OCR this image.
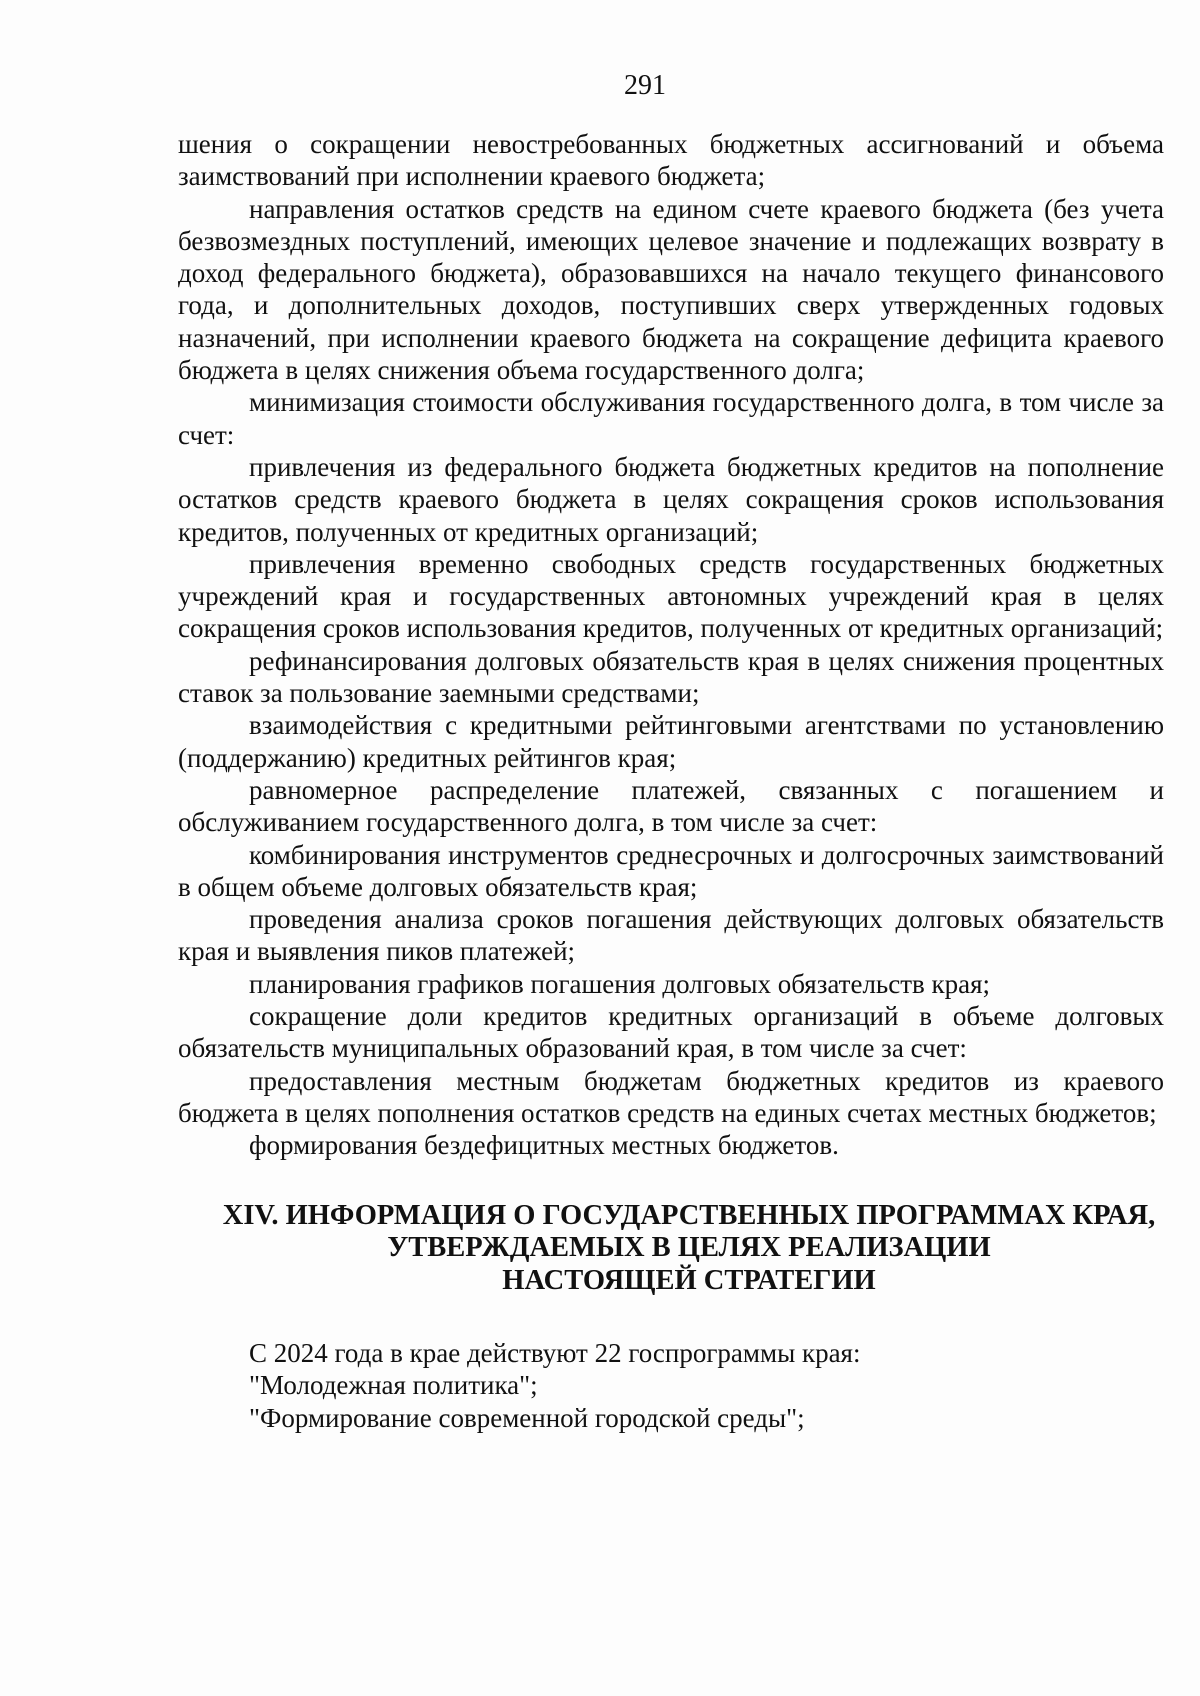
291

шения о сокращении невостребованных бюджетных ассигнований и объема заимствований при исполнении краевого бюджета;

направления остатков средств на едином счете краевого бюджета (без учета безвозмездных поступлений, имеющих целевое значение и подлежащих возврату в доход федерального бюджета), образовавшихся на начало текущего финансового года, и дополнительных доходов, поступивших сверх утвержденных годовых назначений, при исполнении краевого бюджета на сокращение дефицита краевого бюджета в целях снижения объема государственного долга;

минимизация стоимости обслуживания государственного долга, в том числе за счет:

привлечения из федерального бюджета бюджетных кредитов на пополнение остатков средств краевого бюджета в целях сокращения сроков использования кредитов, полученных от кредитных организаций;

привлечения временно свободных средств государственных бюджетных учреждений края и государственных автономных учреждений края в целях сокращения сроков использования кредитов, полученных от кредитных организаций;

рефинансирования долговых обязательств края в целях снижения процентных ставок за пользование заемными средствами;

взаимодействия с кредитными рейтинговыми агентствами по установлению (поддержанию) кредитных рейтингов края;

равномерное распределение платежей, связанных с погашением и обслуживанием государственного долга, в том числе за счет:

комбинирования инструментов среднесрочных и долгосрочных заимствований в общем объеме долговых обязательств края;

проведения анализа сроков погашения действующих долговых обязательств края и выявления пиков платежей;

планирования графиков погашения долговых обязательств края;

сокращение доли кредитов кредитных организаций в объеме долговых обязательств муниципальных образований края, в том числе за счет:

предоставления местным бюджетам бюджетных кредитов из краевого бюджета в целях пополнения остатков средств на единых счетах местных бюджетов;

формирования бездефицитных местных бюджетов.

XIV. ИНФОРМАЦИЯ О ГОСУДАРСТВЕННЫХ ПРОГРАММАХ КРАЯ,
УТВЕРЖДАЕМЫХ В ЦЕЛЯХ РЕАЛИЗАЦИИ
НАСТОЯЩЕЙ СТРАТЕГИИ

С 2024 года в крае действуют 22 госпрограммы края:

"Молодежная политика";

"Формирование современной городской среды";
